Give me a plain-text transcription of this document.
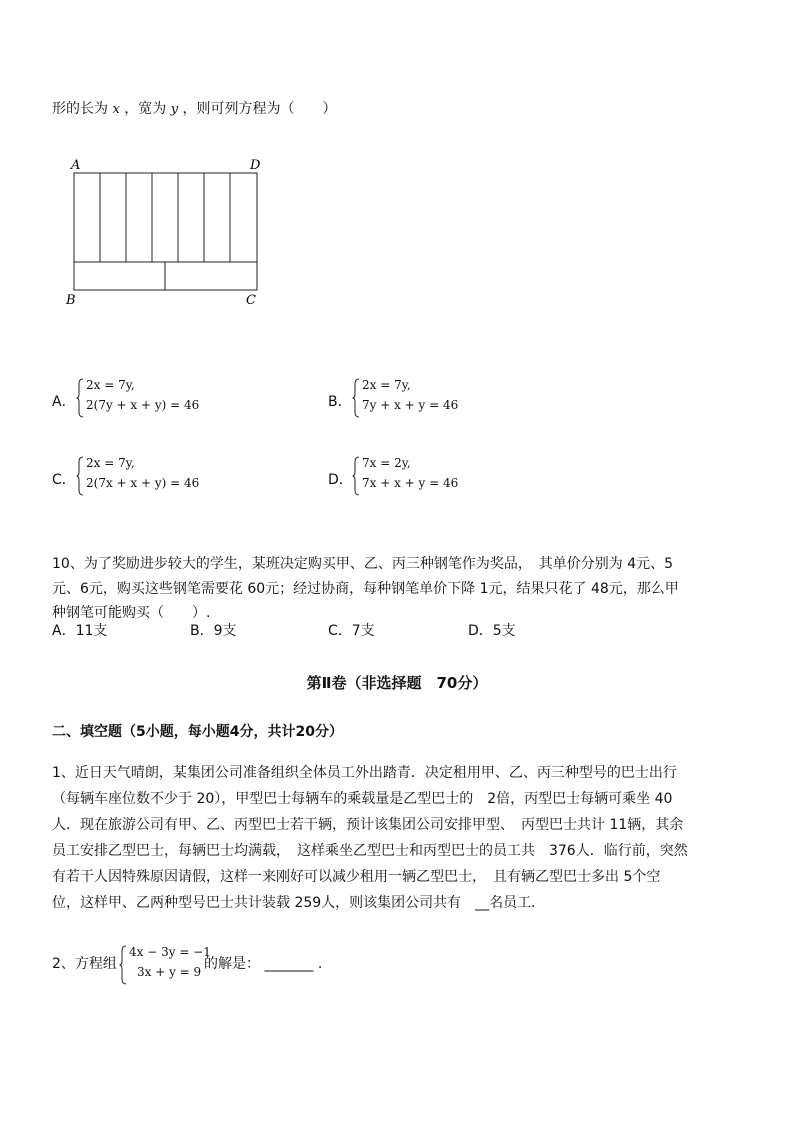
形的长为 x ，宽为 y ，则可列方程为（　　）
A	D
B	C
A．
2x = 7y,
2(7y + x + y) = 46	B．
2x = 7y,
7y + x + y = 46
C．
2x = 7y,
2(7x + x + y) = 46	D．
7x = 2y,
7x + x + y = 46
10、为了奖励进步较大的学生，某班决定购买甲、乙、丙三种钢笔作为奖品，　其单价分别为 4元、5
元、6元，购买这些钢笔需要花 60元；经过协商，每种钢笔单价下降 1元，结果只花了 48元，那么甲
种钢笔可能购买（　　）.
A．11支	B．9支	C．7支	D．5支
第Ⅱ卷（非选择题　70分）
二、填空题（5小题，每小题4分，共计20分）
1、近日天气晴朗，某集团公司准备组织全体员工外出踏青．决定租用甲、乙、丙三种型号的巴士出行
（每辆车座位数不少于 20），甲型巴士每辆车的乘载量是乙型巴士的　2倍，丙型巴士每辆可乘坐 40
人．现在旅游公司有甲、乙、丙型巴士若干辆，预计该集团公司安排甲型、　丙型巴士共计 11辆，其余
员工安排乙型巴士，每辆巴士均满载，　这样乘坐乙型巴士和丙型巴士的员工共　376人．临行前，突然
有若干人因特殊原因请假，这样一来刚好可以减少租用一辆乙型巴士，　且有辆乙型巴士多出 5个空
位，这样甲、乙两种型号巴士共计装载 259人，则该集团公司共有　__名员工．
2、方程组
4x − 3y = −1
3x + y = 9 的解是： _______ .
